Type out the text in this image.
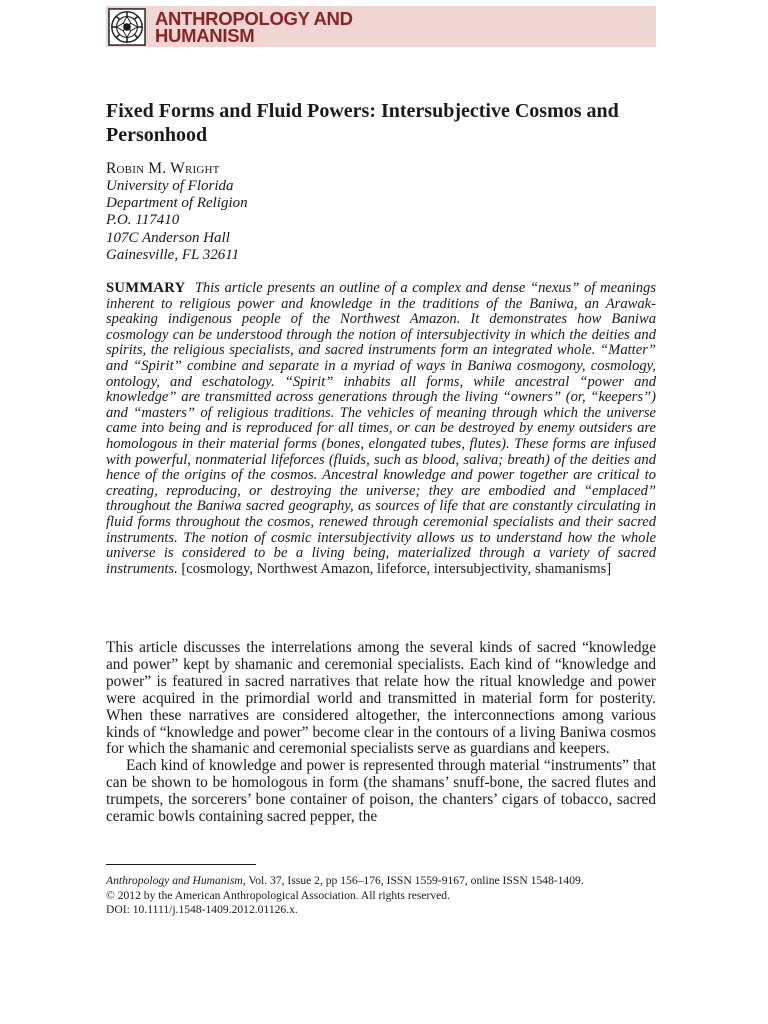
ANTHROPOLOGY AND
HUMANISM
Fixed Forms and Fluid Powers: Intersubjective Cosmos and Personhood
Robin M. Wright
University of Florida
Department of Religion
P.O. 117410
107C Anderson Hall
Gainesville, FL 32611

SUMMARY This article presents an outline of a complex and dense “nexus” of meanings inherent to religious power and knowledge in the traditions of the Baniwa, an Arawak-speaking indigenous people of the Northwest Amazon. It demonstrates how Baniwa cosmology can be understood through the notion of intersubjectivity in which the deities and spirits, the religious specialists, and sacred instruments form an integrated whole. “Matter” and “Spirit” combine and separate in a myriad of ways in Baniwa cosmogony, cosmology, ontology, and eschatology. “Spirit” inhabits all forms, while ancestral “power and knowledge” are transmitted across generations through the living “owners” (or, “keepers”) and “masters” of religious traditions. The vehicles of meaning through which the universe came into being and is reproduced for all times, or can be destroyed by enemy outsiders are homologous in their material forms (bones, elongated tubes, flutes). These forms are infused with powerful, nonmaterial lifeforces (fluids, such as blood, saliva; breath) of the deities and hence of the origins of the cosmos. Ancestral knowledge and power together are critical to creating, reproducing, or destroying the universe; they are embodied and “emplaced” throughout the Baniwa sacred geography, as sources of life that are constantly circulating in fluid forms throughout the cosmos, renewed through ceremonial specialists and their sacred instruments. The notion of cosmic intersubjectivity allows us to understand how the whole universe is considered to be a living being, materialized through a variety of sacred instruments. [cosmology, Northwest Amazon, lifeforce, intersubjectivity, shamanisms]

This article discusses the interrelations among the several kinds of sacred “knowledge and power” kept by shamanic and ceremonial specialists. Each kind of “knowledge and power” is featured in sacred narratives that relate how the ritual knowledge and power were acquired in the primordial world and transmitted in material form for posterity. When these narratives are considered altogether, the interconnections among various kinds of “knowledge and power” become clear in the contours of a living Baniwa cosmos for which the shamanic and ceremonial specialists serve as guardians and keepers.

Each kind of knowledge and power is represented through material “instruments” that can be shown to be homologous in form (the shamans’ snuff-bone, the sacred flutes and trumpets, the sorcerers’ bone container of poison, the chanters’ cigars of tobacco, sacred ceramic bowls containing sacred pepper, the

Anthropology and Humanism, Vol. 37, Issue 2, pp 156–176, ISSN 1559-9167, online ISSN 1548-1409.
© 2012 by the American Anthropological Association. All rights reserved.
DOI: 10.1111/j.1548-1409.2012.01126.x.
